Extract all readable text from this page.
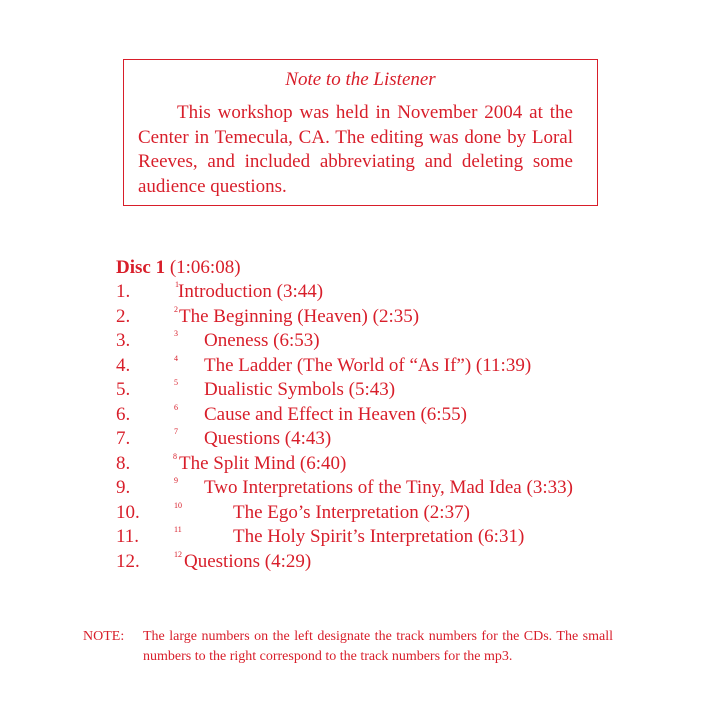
Note to the Listener
This workshop was held in November 2004 at the Center in Temecula, CA. The editing was done by Loral Reeves, and included abbreviating and deleting some audience questions.
Disc 1 (1:06:08)
1.	1 Introduction (3:44)
2.	2 The Beginning (Heaven) (2:35)
3.	3 Oneness (6:53)
4.	4 The Ladder (The World of “As If”) (11:39)
5.	5 Dualistic Symbols (5:43)
6.	6 Cause and Effect in Heaven (6:55)
7.	7 Questions (4:43)
8.	8 The Split Mind (6:40)
9.	9 Two Interpretations of the Tiny, Mad Idea (3:33)
10.	10	The Ego’s Interpretation (2:37)
11.	11	The Holy Spirit’s Interpretation (6:31)
12.	12 Questions (4:29)
NOTE: The large numbers on the left designate the track numbers for the CDs. The small numbers to the right correspond to the track numbers for the mp3.
